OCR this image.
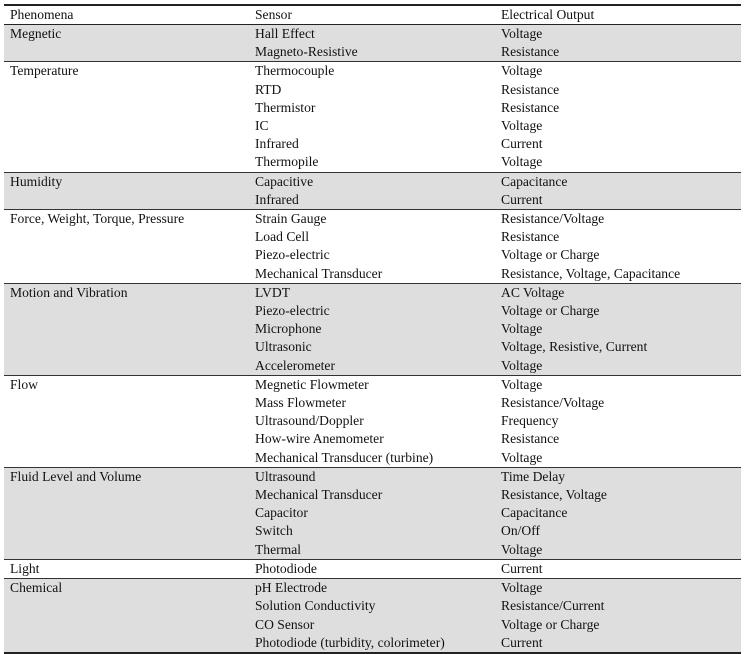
Phenomena	Sensor	Electrical Output
Megnetic	Hall Effect	Voltage
	Magneto-Resistive	Resistance
Temperature	Thermocouple	Voltage
	RTD	Resistance
	Thermistor	Resistance
	IC	Voltage
	Infrared	Current
	Thermopile	Voltage
Humidity	Capacitive	Capacitance
	Infrared	Current
Force, Weight, Torque, Pressure	Strain Gauge	Resistance/Voltage
	Load Cell	Resistance
	Piezo-electric	Voltage or Charge
	Mechanical Transducer	Resistance, Voltage, Capacitance
Motion and Vibration	LVDT	AC Voltage
	Piezo-electric	Voltage or Charge
	Microphone	Voltage
	Ultrasonic	Voltage, Resistive, Current
	Accelerometer	Voltage
Flow	Megnetic Flowmeter	Voltage
	Mass Flowmeter	Resistance/Voltage
	Ultrasound/Doppler	Frequency
	How-wire Anemometer	Resistance
	Mechanical Transducer (turbine)	Voltage
Fluid Level and Volume	Ultrasound	Time Delay
	Mechanical Transducer	Resistance, Voltage
	Capacitor	Capacitance
	Switch	On/Off
	Thermal	Voltage
Light	Photodiode	Current
Chemical	pH Electrode	Voltage
	Solution Conductivity	Resistance/Current
	CO Sensor	Voltage or Charge
	Photodiode (turbidity, colorimeter)	Current
